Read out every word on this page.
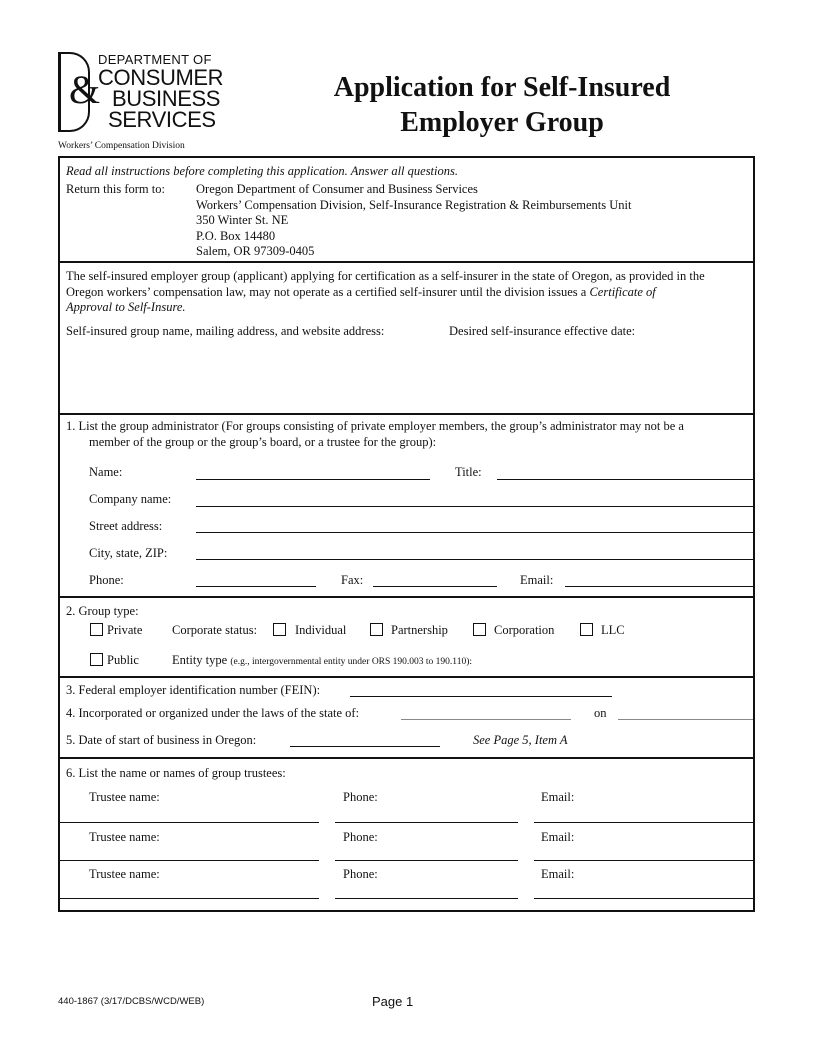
&
DEPARTMENT OF
CONSUMER
BUSINESS
SERVICES
Workers’ Compensation Division
Application for Self-Insured
Employer Group
Read all instructions before completing this application. Answer all questions.
Return this form to: Oregon Department of Consumer and Business Services
Workers’ Compensation Division, Self-Insurance Registration & Reimbursements Unit
350 Winter St. NE
P.O. Box 14480
Salem, OR 97309-0405
The self-insured employer group (applicant) applying for certification as a self-insurer in the state of Oregon, as provided in the
Oregon workers’ compensation law, may not operate as a certified self-insurer until the division issues a Certificate of
Approval to Self-Insure.
Self-insured group name, mailing address, and website address:	Desired self-insurance effective date:
1. List the group administrator (For groups consisting of private employer members, the group’s administrator may not be a
member of the group or the group’s board, or a trustee for the group):
Name:	Title:
Company name:
Street address:
City, state, ZIP:
Phone:	Fax:	Email:
2. Group type:
Private Corporate status:	Individual	Partnership	Corporation	LLC
Public	Entity type (e.g., intergovernmental entity under ORS 190.003 to 190.110):
3. Federal employer identification number (FEIN):
4. Incorporated or organized under the laws of the state of:	on
5. Date of start of business in Oregon:	See Page 5, Item A
6. List the name or names of group trustees:
Trustee name:	Phone:	Email:
Trustee name:	Phone:	Email:
Trustee name:	Phone:	Email:
440-1867 (3/17/DCBS/WCD/WEB)	Page 1
